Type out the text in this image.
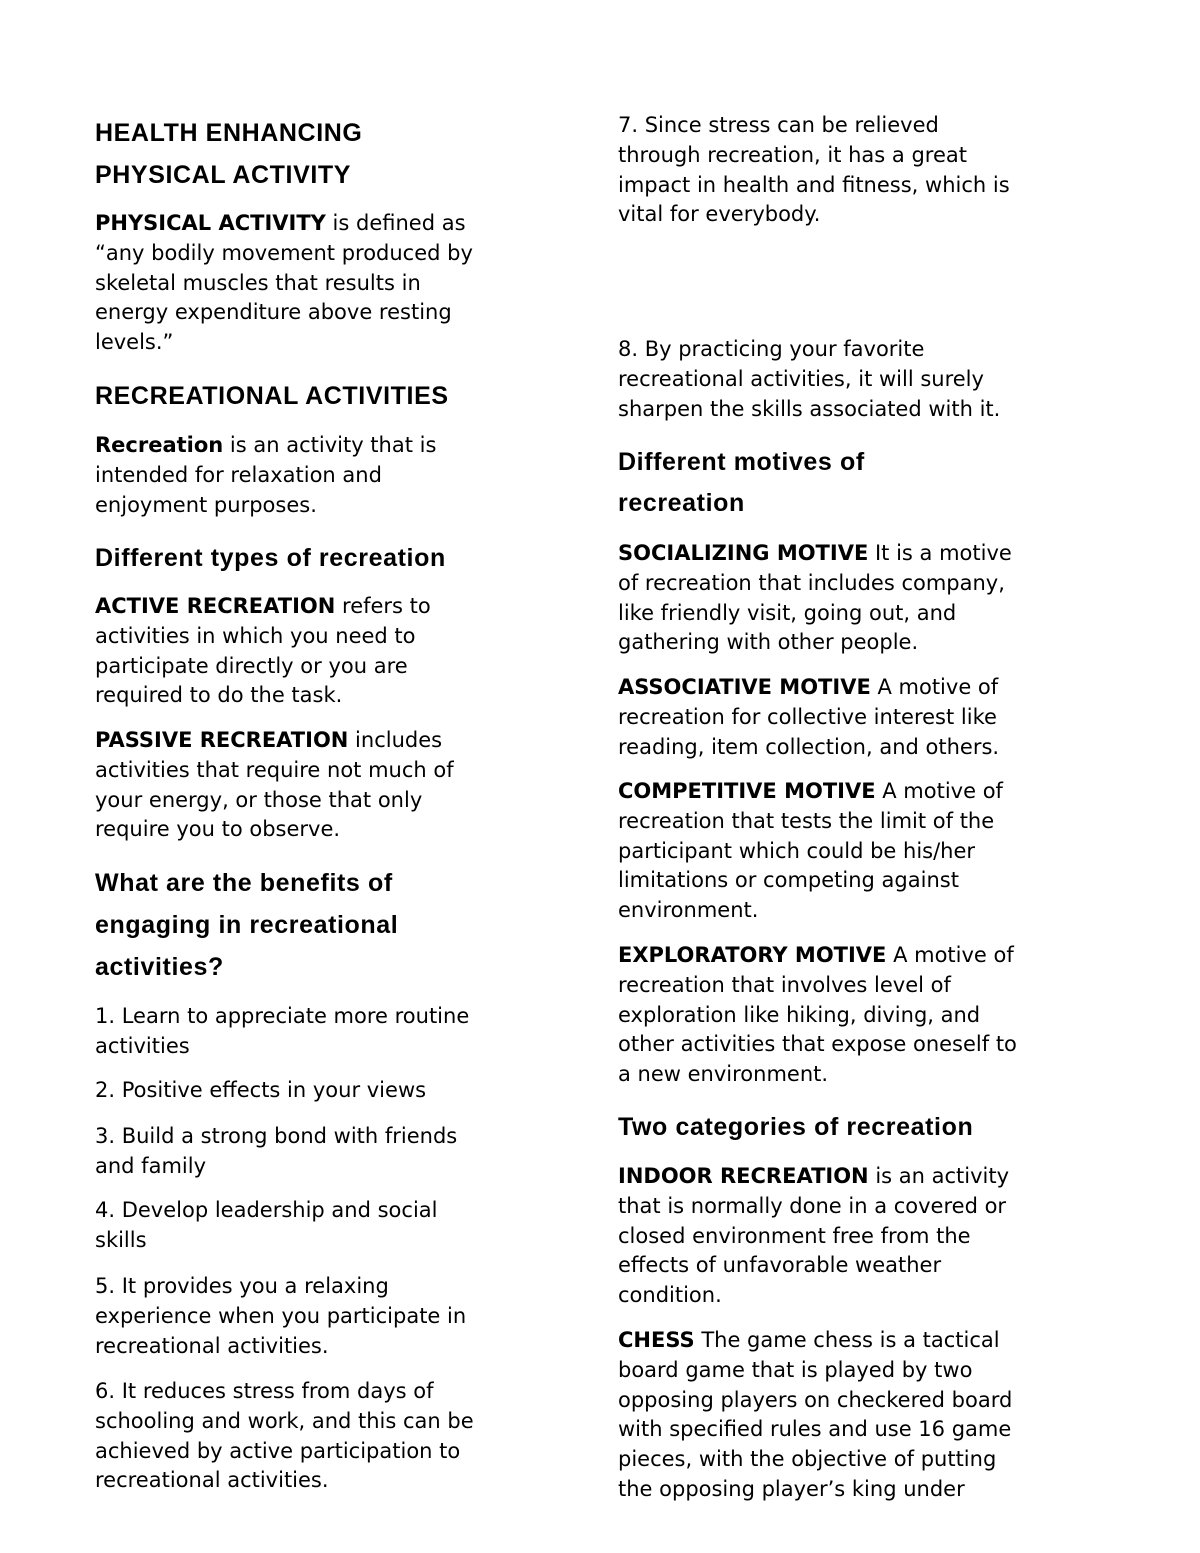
HEALTH ENHANCING
PHYSICAL ACTIVITY

PHYSICAL ACTIVITY is defined as
“any bodily movement produced by
skeletal muscles that results in
energy expenditure above resting
levels.”

RECREATIONAL ACTIVITIES

Recreation is an activity that is
intended for relaxation and
enjoyment purposes.

Different types of recreation

ACTIVE RECREATION refers to
activities in which you need to
participate directly or you are
required to do the task.

PASSIVE RECREATION includes
activities that require not much of
your energy, or those that only
require you to observe.

What are the benefits of
engaging in recreational
activities?

1. Learn to appreciate more routine
activities

2. Positive effects in your views

3. Build a strong bond with friends
and family

4. Develop leadership and social
skills

5. It provides you a relaxing
experience when you participate in
recreational activities.

6. It reduces stress from days of
schooling and work, and this can be
achieved by active participation to
recreational activities.

7. Since stress can be relieved
through recreation, it has a great
impact in health and fitness, which is
vital for everybody.

8. By practicing your favorite
recreational activities, it will surely
sharpen the skills associated with it.

Different motives of
recreation

SOCIALIZING MOTIVE It is a motive
of recreation that includes company,
like friendly visit, going out, and
gathering with other people.

ASSOCIATIVE MOTIVE A motive of
recreation for collective interest like
reading, item collection, and others.

COMPETITIVE MOTIVE A motive of
recreation that tests the limit of the
participant which could be his/her
limitations or competing against
environment.

EXPLORATORY MOTIVE A motive of
recreation that involves level of
exploration like hiking, diving, and
other activities that expose oneself to
a new environment.

Two categories of recreation

INDOOR RECREATION is an activity
that is normally done in a covered or
closed environment free from the
effects of unfavorable weather
condition.

CHESS The game chess is a tactical
board game that is played by two
opposing players on checkered board
with specified rules and use 16 game
pieces, with the objective of putting
the opposing player’s king under
